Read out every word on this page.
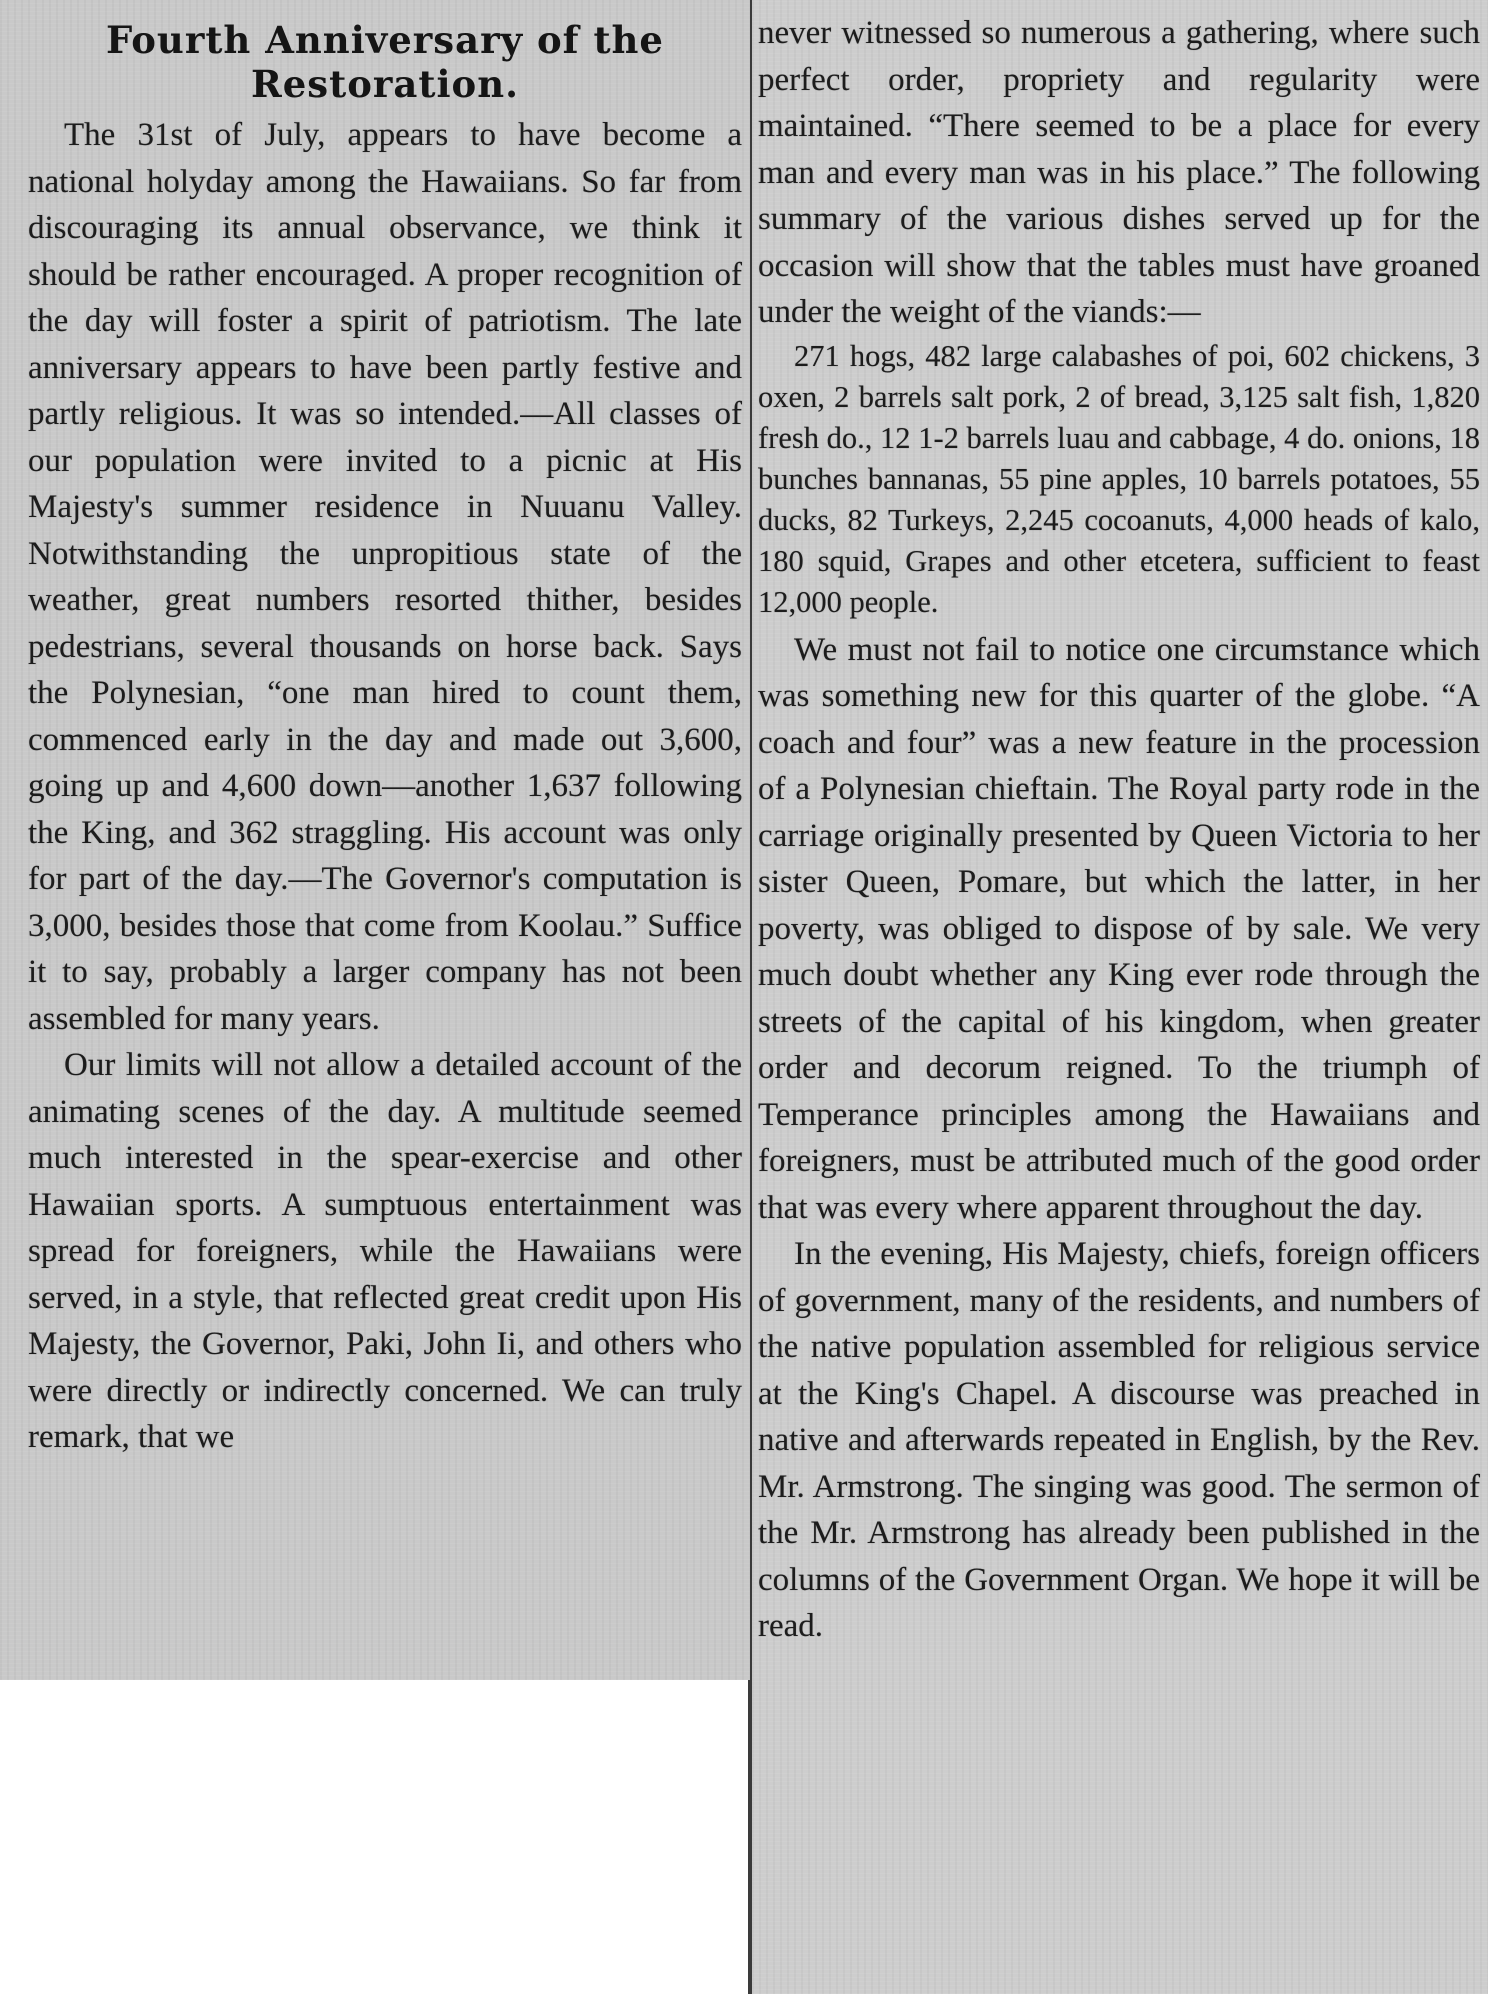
Fourth Anniversary of the Restoration.

The 31st of July, appears to have become a national holyday among the Hawaiians. So far from discouraging its annual observance, we think it should be rather encouraged. A proper recognition of the day will foster a spirit of patriotism. The late anniversary appears to have been partly festive and partly religious. It was so intended.—All classes of our population were invited to a picnic at His Majesty's summer residence in Nuuanu Valley. Notwithstanding the unpropitious state of the weather, great numbers resorted thither, besides pedestrians, several thousands on horse back. Says the Polynesian, “one man hired to count them, commenced early in the day and made out 3,600, going up and 4,600 down—another 1,637 following the King, and 362 straggling. His account was only for part of the day.—The Governor's computation is 3,000, besides those that come from Koolau.” Suffice it to say, probably a larger company has not been assembled for many years.

Our limits will not allow a detailed account of the animating scenes of the day. A multitude seemed much interested in the spear-exercise and other Hawaiian sports. A sumptuous entertainment was spread for foreigners, while the Hawaiians were served, in a style, that reflected great credit upon His Majesty, the Governor, Paki, John Ii, and others who were directly or indirectly concerned. We can truly remark, that we

never witnessed so numerous a gathering, where such perfect order, propriety and regularity were maintained. “There seemed to be a place for every man and every man was in his place.” The following summary of the various dishes served up for the occasion will show that the tables must have groaned under the weight of the viands:—

271 hogs, 482 large calabashes of poi, 602 chickens, 3 oxen, 2 barrels salt pork, 2 of bread, 3,125 salt fish, 1,820 fresh do., 12 1-2 barrels luau and cabbage, 4 do. onions, 18 bunches bannanas, 55 pine apples, 10 barrels potatoes, 55 ducks, 82 Turkeys, 2,245 cocoanuts, 4,000 heads of kalo, 180 squid, Grapes and other etcetera, sufficient to feast 12,000 people.

We must not fail to notice one circumstance which was something new for this quarter of the globe. “A coach and four” was a new feature in the procession of a Polynesian chieftain. The Royal party rode in the carriage originally presented by Queen Victoria to her sister Queen, Pomare, but which the latter, in her poverty, was obliged to dispose of by sale. We very much doubt whether any King ever rode through the streets of the capital of his kingdom, when greater order and decorum reigned. To the triumph of Temperance principles among the Hawaiians and foreigners, must be attributed much of the good order that was every where apparent throughout the day.

In the evening, His Majesty, chiefs, foreign officers of government, many of the residents, and numbers of the native population assembled for religious service at the King's Chapel. A discourse was preached in native and afterwards repeated in English, by the Rev. Mr. Armstrong. The singing was good. The sermon of the Mr. Armstrong has already been published in the columns of the Government Organ. We hope it will be read.
